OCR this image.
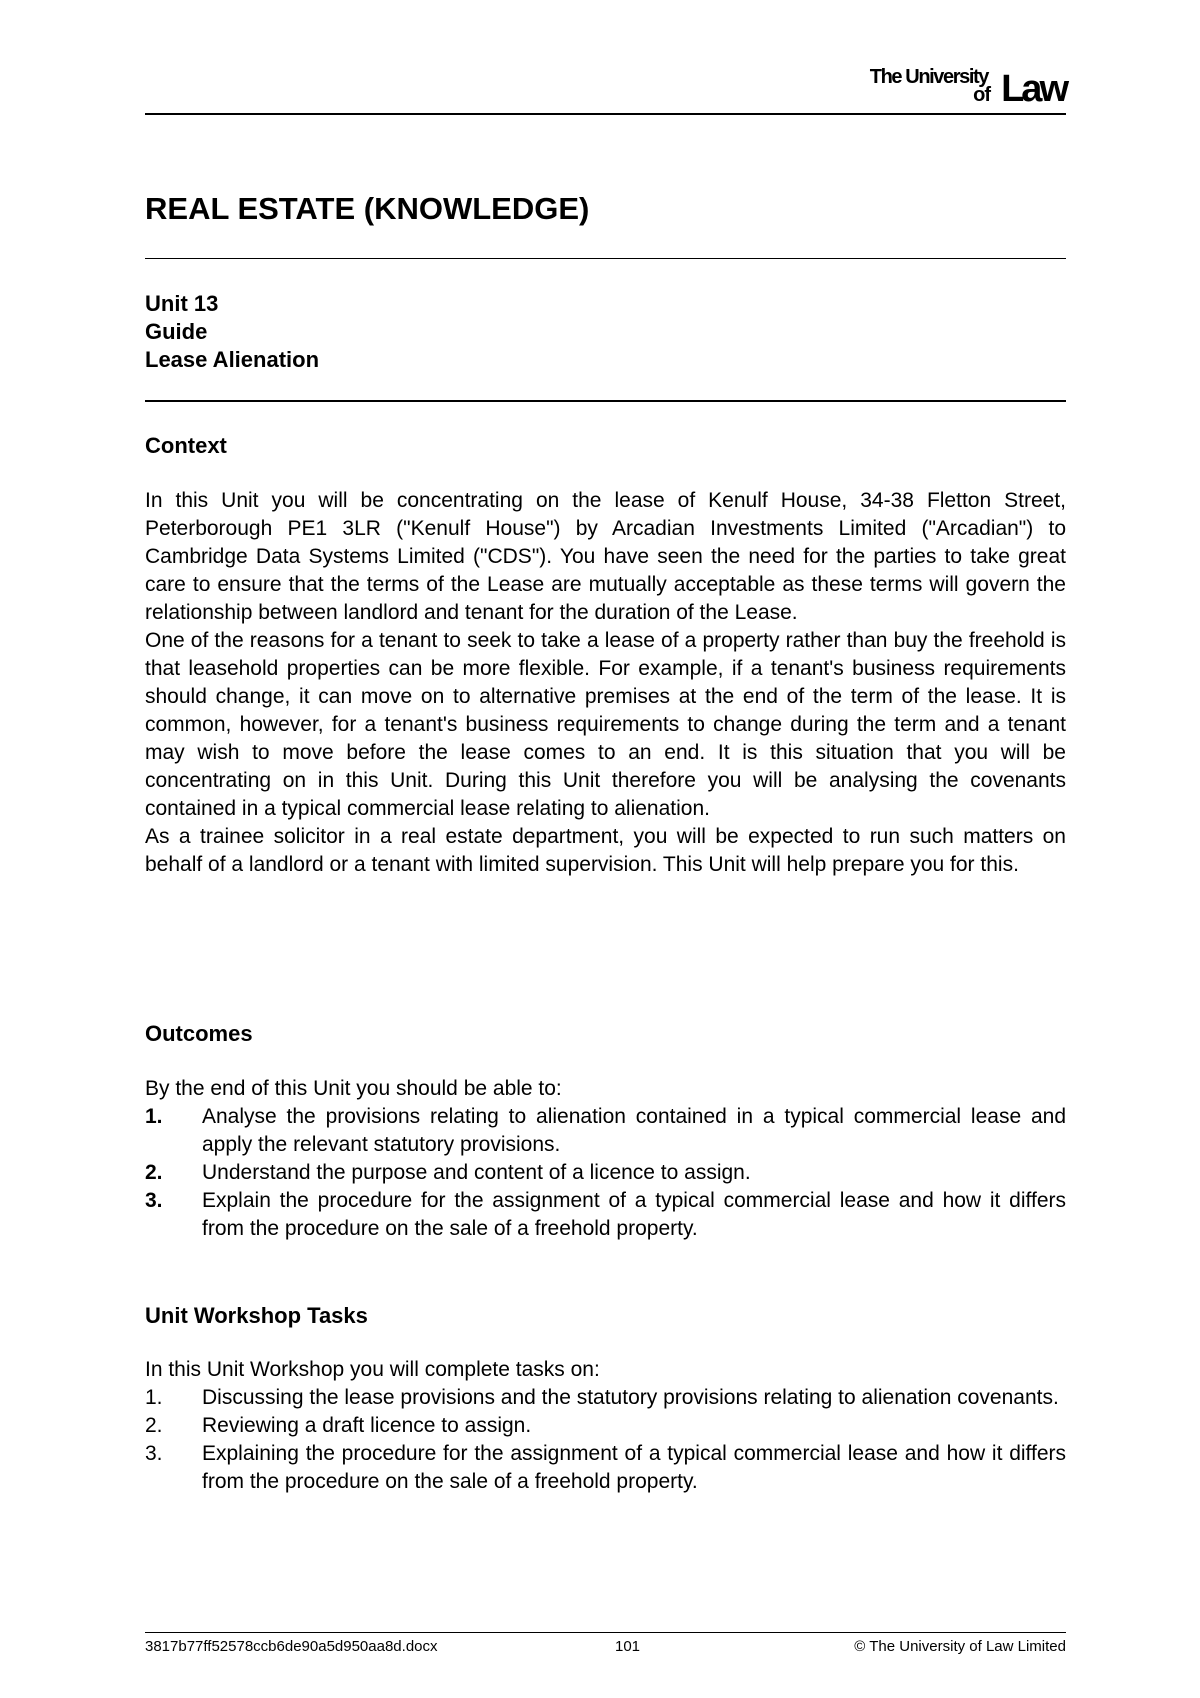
The University
of Law
REAL ESTATE (KNOWLEDGE)
Unit 13
Guide
Lease Alienation
Context

In this Unit you will be concentrating on the lease of Kenulf House, 34-38 Fletton Street, Peterborough PE1 3LR ("Kenulf House") by Arcadian Investments Limited ("Arcadian") to Cambridge Data Systems Limited ("CDS"). You have seen the need for the parties to take great care to ensure that the terms of the Lease are mutually acceptable as these terms will govern the relationship between landlord and tenant for the duration of the Lease.

One of the reasons for a tenant to seek to take a lease of a property rather than buy the freehold is that leasehold properties can be more flexible. For example, if a tenant's business requirements should change, it can move on to alternative premises at the end of the term of the lease. It is common, however, for a tenant's business requirements to change during the term and a tenant may wish to move before the lease comes to an end. It is this situation that you will be concentrating on in this Unit. During this Unit therefore you will be analysing the covenants contained in a typical commercial lease relating to alienation.

As a trainee solicitor in a real estate department, you will be expected to run such matters on behalf of a landlord or a tenant with limited supervision. This Unit will help prepare you for this.

Outcomes
By the end of this Unit you should be able to:
1.	Analyse the provisions relating to alienation contained in a typical commercial lease and apply the relevant statutory provisions.
2.	Understand the purpose and content of a licence to assign.
3.	Explain the procedure for the assignment of a typical commercial lease and how it differs from the procedure on the sale of a freehold property.
Unit Workshop Tasks
In this Unit Workshop you will complete tasks on:
1.	Discussing the lease provisions and the statutory provisions relating to alienation covenants.
2.	Reviewing a draft licence to assign.
3.	Explaining the procedure for the assignment of a typical commercial lease and how it differs from the procedure on the sale of a freehold property.
3817b77ff52578ccb6de90a5d950aa8d.docx	101	© The University of Law Limited
